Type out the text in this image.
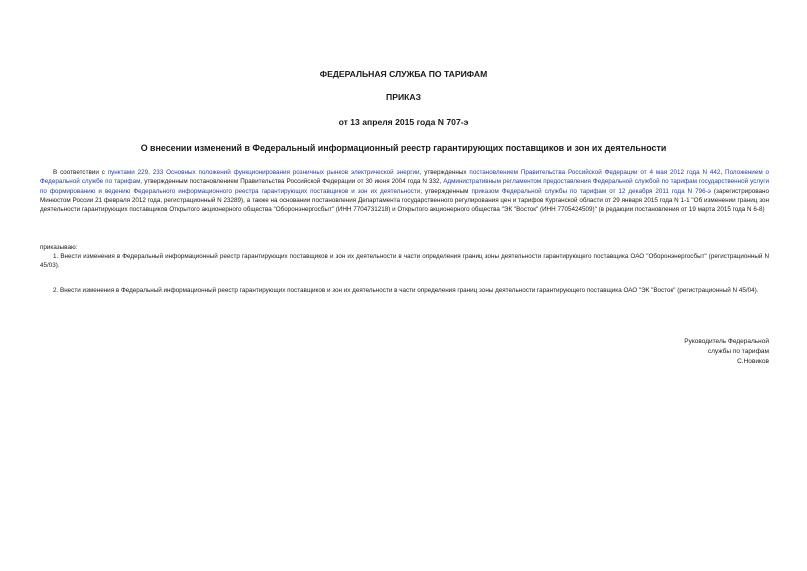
ФЕДЕРАЛЬНАЯ СЛУЖБА ПО ТАРИФАМ
ПРИКАЗ
от 13 апреля 2015 года N 707-э
О внесении изменений в Федеральный информационный реестр гарантирующих поставщиков и зон их деятельности
В соответствии с пунктами 229, 233 Основных положений функционирования розничных рынков электрической энергии, утвержденных постановлением Правительства Российской Федерации от 4 мая 2012 года N 442, Положением о Федеральной службе по тарифам, утвержденным постановлением Правительства Российской Федерации от 30 июня 2004 года N 332, Административным регламентом предоставления Федеральной службой по тарифам государственной услуги по формированию и ведению Федерального информационного реестра гарантирующих поставщиков и зон их деятельности, утвержденным приказом Федеральной службы по тарифам от 12 декабря 2011 года N 796-э (зарегистрировано Минюстом России 21 февраля 2012 года, регистрационный N 23289), а также на основании постановления Департамента государственного регулирования цен и тарифов Курганской области от 29 января 2015 года N 1-1 "Об изменении границ зон деятельности гарантирующих поставщиков Открытого акционерного общества "Оборонэнергосбыт" (ИНН 7704731218) и Открытого акционерного общества "ЭК "Восток" (ИНН 7705424509)" (в редакции постановления от 19 марта 2015 года N 6-8)
приказываю:
1. Внести изменения в Федеральный информационный реестр гарантирующих поставщиков и зон их деятельности в части определения границ зоны деятельности гарантирующего поставщика ОАО "Оборонэнергосбыт" (регистрационный N 45/03).
2. Внести изменения в Федеральный информационный реестр гарантирующих поставщиков и зон их деятельности в части определения границ зоны деятельности гарантирующего поставщика ОАО "ЭК "Восток" (регистрационный N 45/04).
Руководитель Федеральной
службы по тарифам
С.Новиков
